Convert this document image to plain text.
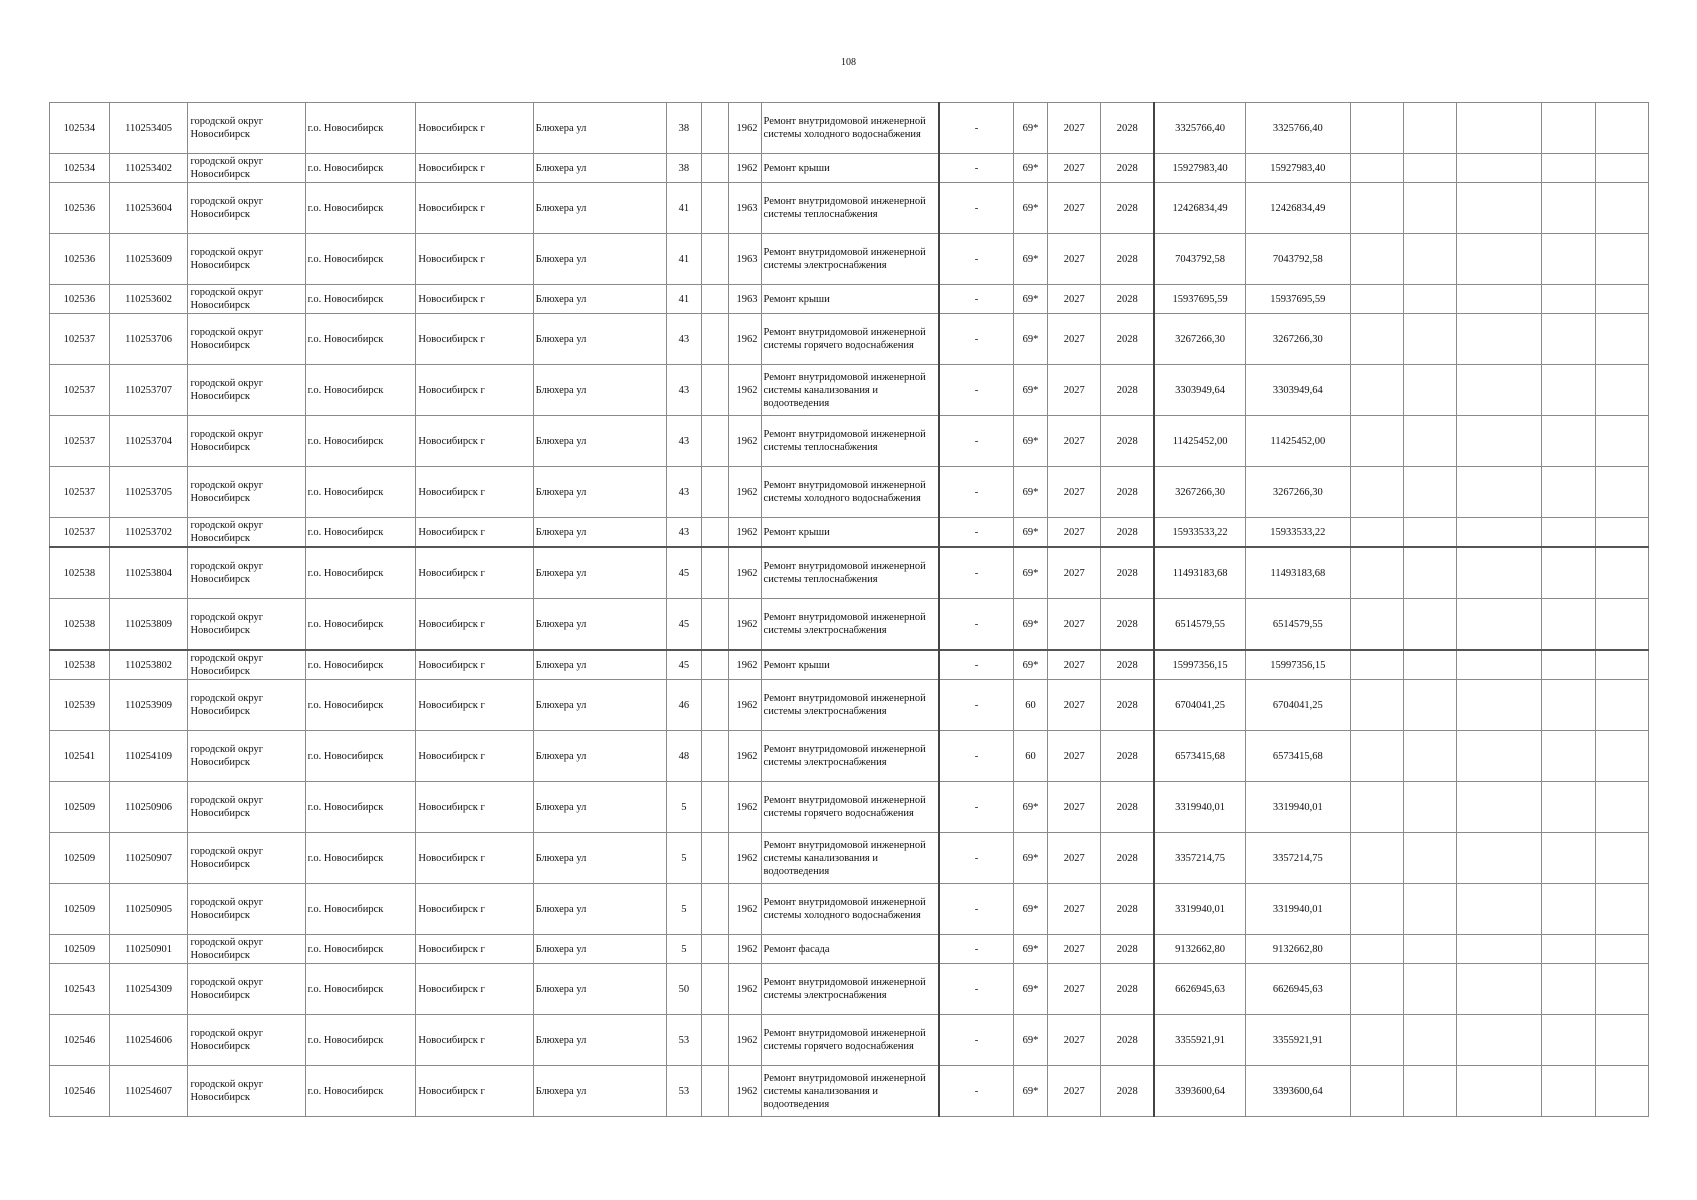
108
102534	110253405	городской округ Новосибирск	г.о. Новосибирск	Новосибирск г	Блюхера ул	38		1962	Ремонт внутридомовой инженерной системы холодного водоснабжения	-	69*	2027	2028	3325766,40	3325766,40					
102534	110253402	городской округ Новосибирск	г.о. Новосибирск	Новосибирск г	Блюхера ул	38		1962	Ремонт крыши	-	69*	2027	2028	15927983,40	15927983,40					
102536	110253604	городской округ Новосибирск	г.о. Новосибирск	Новосибирск г	Блюхера ул	41		1963	Ремонт внутридомовой инженерной системы теплоснабжения	-	69*	2027	2028	12426834,49	12426834,49					
102536	110253609	городской округ Новосибирск	г.о. Новосибирск	Новосибирск г	Блюхера ул	41		1963	Ремонт внутридомовой инженерной системы электроснабжения	-	69*	2027	2028	7043792,58	7043792,58					
102536	110253602	городской округ Новосибирск	г.о. Новосибирск	Новосибирск г	Блюхера ул	41		1963	Ремонт крыши	-	69*	2027	2028	15937695,59	15937695,59					
102537	110253706	городской округ Новосибирск	г.о. Новосибирск	Новосибирск г	Блюхера ул	43		1962	Ремонт внутридомовой инженерной системы горячего водоснабжения	-	69*	2027	2028	3267266,30	3267266,30					
102537	110253707	городской округ Новосибирск	г.о. Новосибирск	Новосибирск г	Блюхера ул	43		1962	Ремонт внутридомовой инженерной системы канализования и водоотведения	-	69*	2027	2028	3303949,64	3303949,64					
102537	110253704	городской округ Новосибирск	г.о. Новосибирск	Новосибирск г	Блюхера ул	43		1962	Ремонт внутридомовой инженерной системы теплоснабжения	-	69*	2027	2028	11425452,00	11425452,00					
102537	110253705	городской округ Новосибирск	г.о. Новосибирск	Новосибирск г	Блюхера ул	43		1962	Ремонт внутридомовой инженерной системы холодного водоснабжения	-	69*	2027	2028	3267266,30	3267266,30					
102537	110253702	городской округ Новосибирск	г.о. Новосибирск	Новосибирск г	Блюхера ул	43		1962	Ремонт крыши	-	69*	2027	2028	15933533,22	15933533,22					
102538	110253804	городской округ Новосибирск	г.о. Новосибирск	Новосибирск г	Блюхера ул	45		1962	Ремонт внутридомовой инженерной системы теплоснабжения	-	69*	2027	2028	11493183,68	11493183,68					
102538	110253809	городской округ Новосибирск	г.о. Новосибирск	Новосибирск г	Блюхера ул	45		1962	Ремонт внутридомовой инженерной системы электроснабжения	-	69*	2027	2028	6514579,55	6514579,55					
102538	110253802	городской округ Новосибирск	г.о. Новосибирск	Новосибирск г	Блюхера ул	45		1962	Ремонт крыши	-	69*	2027	2028	15997356,15	15997356,15					
102539	110253909	городской округ Новосибирск	г.о. Новосибирск	Новосибирск г	Блюхера ул	46		1962	Ремонт внутридомовой инженерной системы электроснабжения	-	60	2027	2028	6704041,25	6704041,25					
102541	110254109	городской округ Новосибирск	г.о. Новосибирск	Новосибирск г	Блюхера ул	48		1962	Ремонт внутридомовой инженерной системы электроснабжения	-	60	2027	2028	6573415,68	6573415,68					
102509	110250906	городской округ Новосибирск	г.о. Новосибирск	Новосибирск г	Блюхера ул	5		1962	Ремонт внутридомовой инженерной системы горячего водоснабжения	-	69*	2027	2028	3319940,01	3319940,01					
102509	110250907	городской округ Новосибирск	г.о. Новосибирск	Новосибирск г	Блюхера ул	5		1962	Ремонт внутридомовой инженерной системы канализования и водоотведения	-	69*	2027	2028	3357214,75	3357214,75					
102509	110250905	городской округ Новосибирск	г.о. Новосибирск	Новосибирск г	Блюхера ул	5		1962	Ремонт внутридомовой инженерной системы холодного водоснабжения	-	69*	2027	2028	3319940,01	3319940,01					
102509	110250901	городской округ Новосибирск	г.о. Новосибирск	Новосибирск г	Блюхера ул	5		1962	Ремонт фасада	-	69*	2027	2028	9132662,80	9132662,80					
102543	110254309	городской округ Новосибирск	г.о. Новосибирск	Новосибирск г	Блюхера ул	50		1962	Ремонт внутридомовой инженерной системы электроснабжения	-	69*	2027	2028	6626945,63	6626945,63					
102546	110254606	городской округ Новосибирск	г.о. Новосибирск	Новосибирск г	Блюхера ул	53		1962	Ремонт внутридомовой инженерной системы горячего водоснабжения	-	69*	2027	2028	3355921,91	3355921,91					
102546	110254607	городской округ Новосибирск	г.о. Новосибирск	Новосибирск г	Блюхера ул	53		1962	Ремонт внутридомовой инженерной системы канализования и водоотведения	-	69*	2027	2028	3393600,64	3393600,64					
